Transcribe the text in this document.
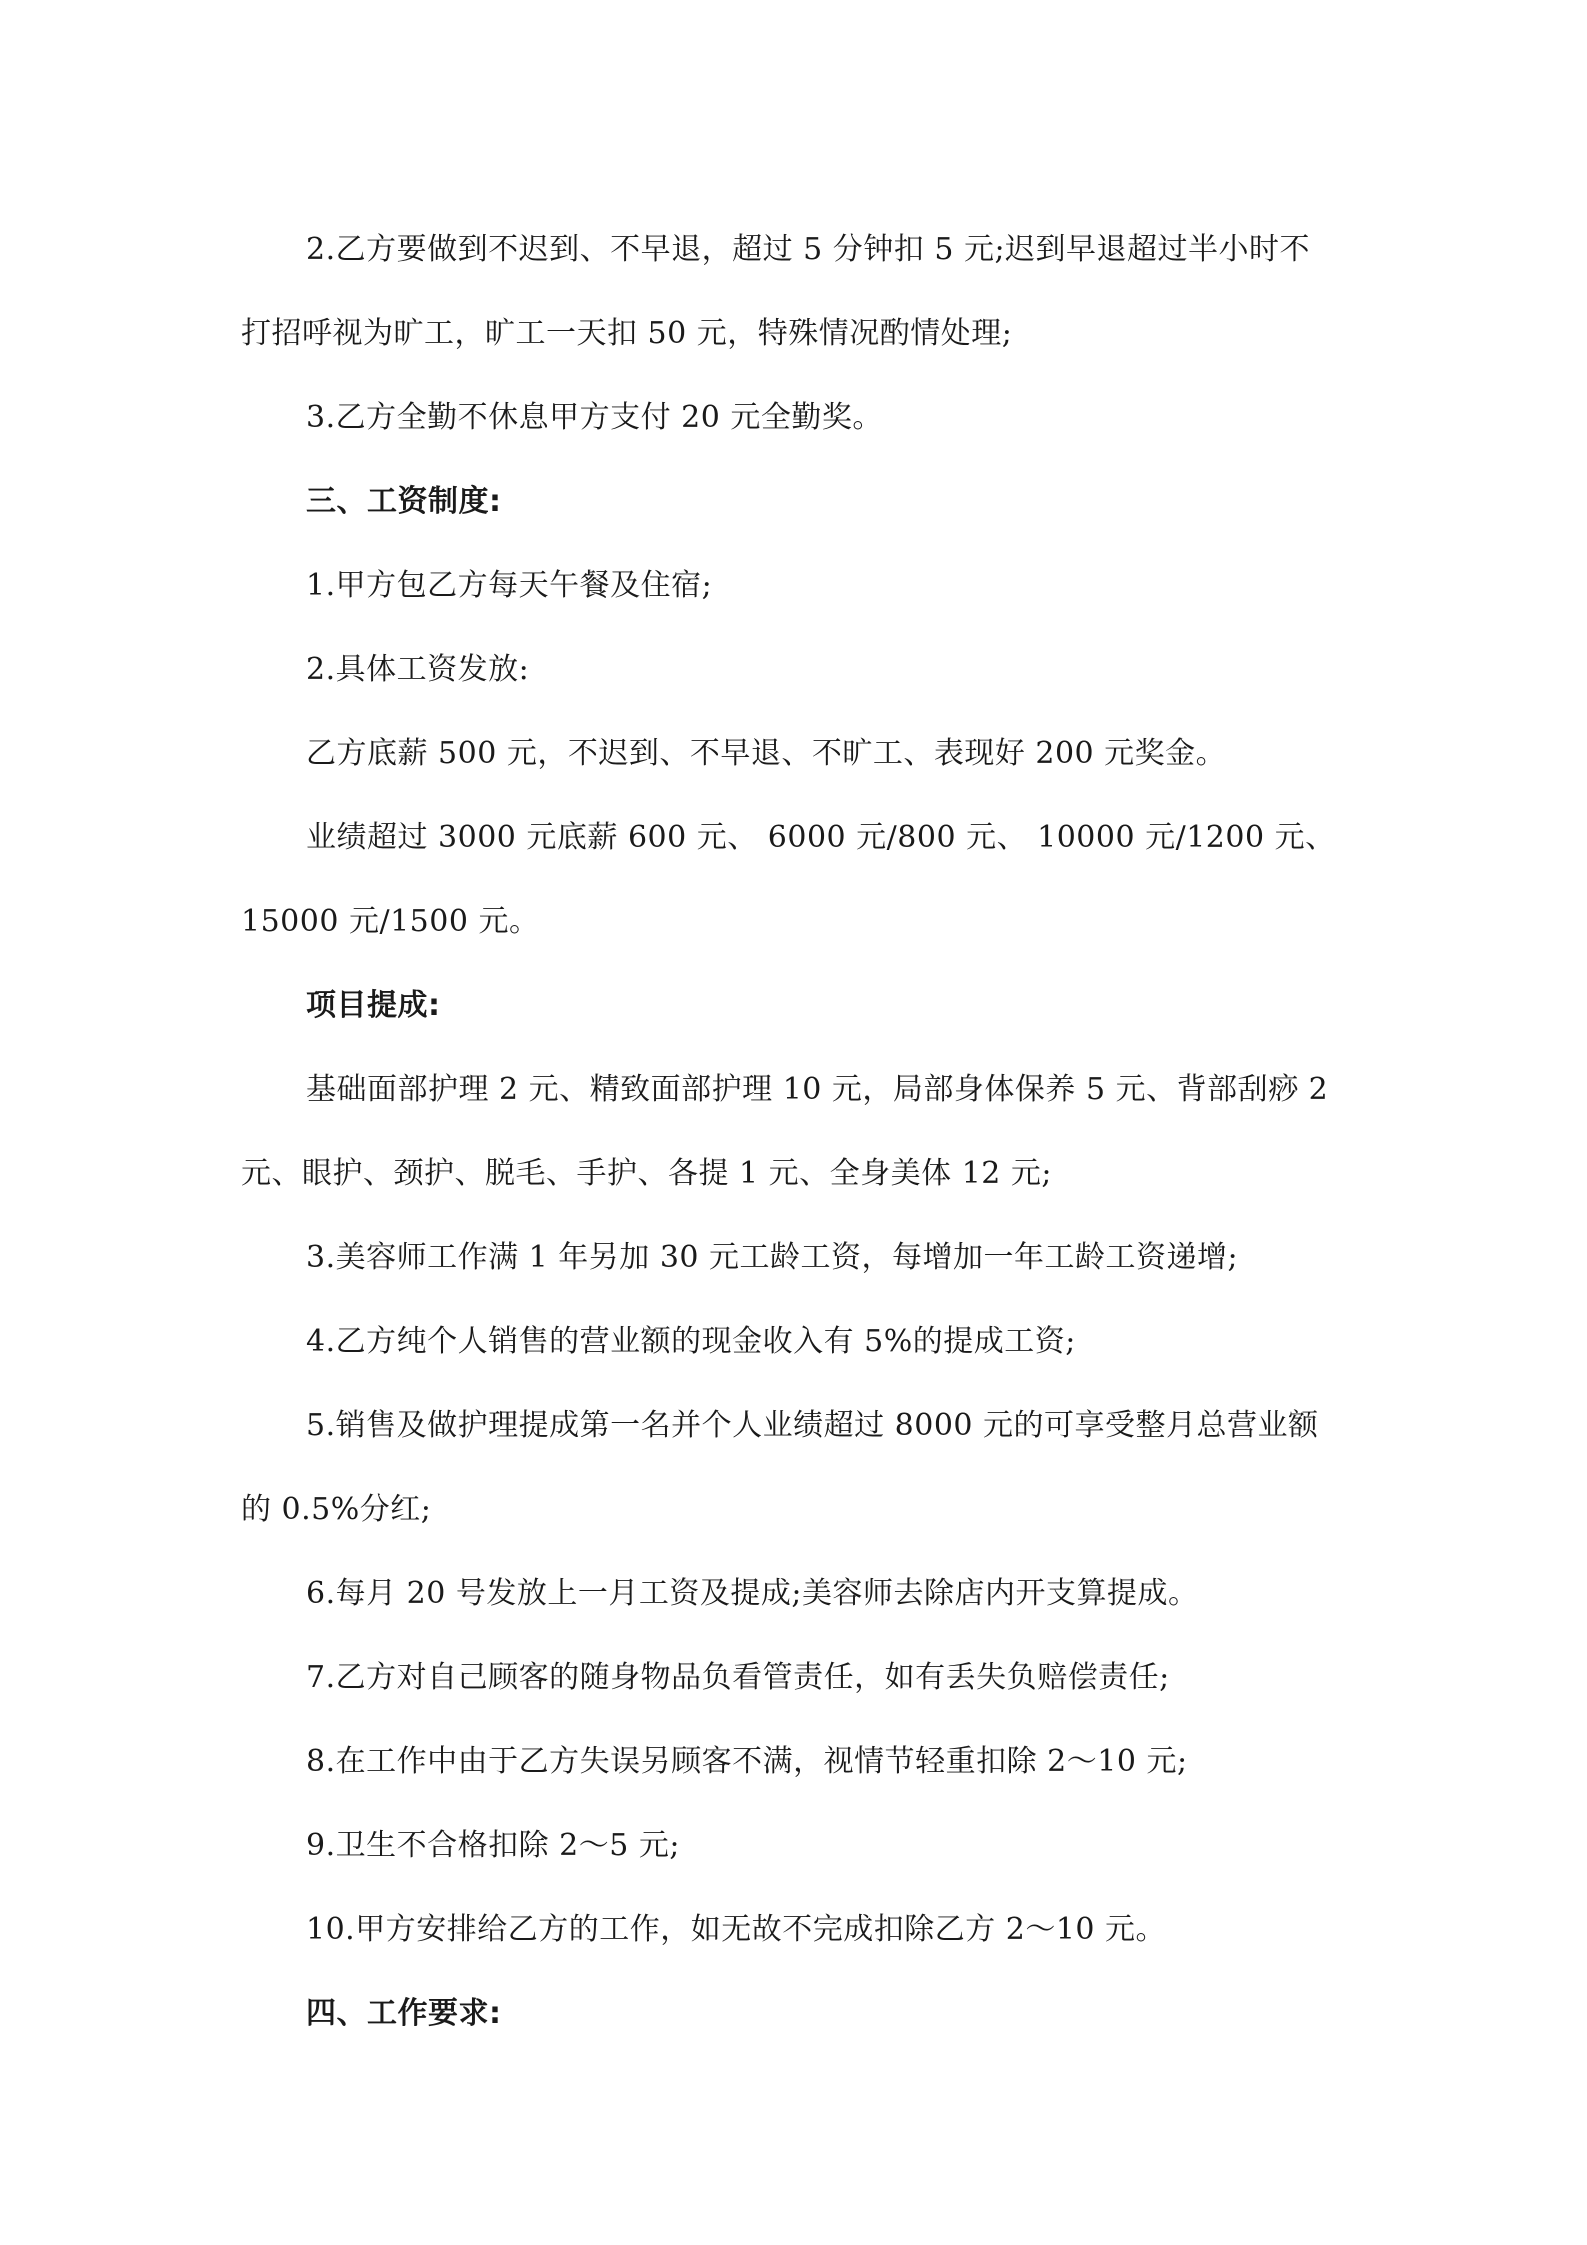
2.乙方要做到不迟到、不早退，超过 5 分钟扣 5 元;迟到早退超过半小时不打招呼视为旷工，旷工一天扣 50 元，特殊情况酌情处理;

3.乙方全勤不休息甲方支付 20 元全勤奖。

三、工资制度:

1.甲方包乙方每天午餐及住宿;

2.具体工资发放:

乙方底薪 500 元，不迟到、不早退、不旷工、表现好 200 元奖金。

业绩超过 3000 元底薪 600 元、 6000 元/800 元、 10000 元/1200 元、15000 元/1500 元。

项目提成:

基础面部护理 2 元、精致面部护理 10 元，局部身体保养 5 元、背部刮痧 2 元、眼护、颈护、脱毛、手护、各提 1 元、全身美体 12 元;

3.美容师工作满 1 年另加 30 元工龄工资，每增加一年工龄工资递增;

4.乙方纯个人销售的营业额的现金收入有 5%的提成工资;

5.销售及做护理提成第一名并个人业绩超过 8000 元的可享受整月总营业额的 0.5%分红;

6.每月 20 号发放上一月工资及提成;美容师去除店内开支算提成。

7.乙方对自己顾客的随身物品负看管责任，如有丢失负赔偿责任;

8.在工作中由于乙方失误另顾客不满，视情节轻重扣除 2～10 元;

9.卫生不合格扣除 2～5 元;

10.甲方安排给乙方的工作，如无故不完成扣除乙方 2～10 元。

四、工作要求:
